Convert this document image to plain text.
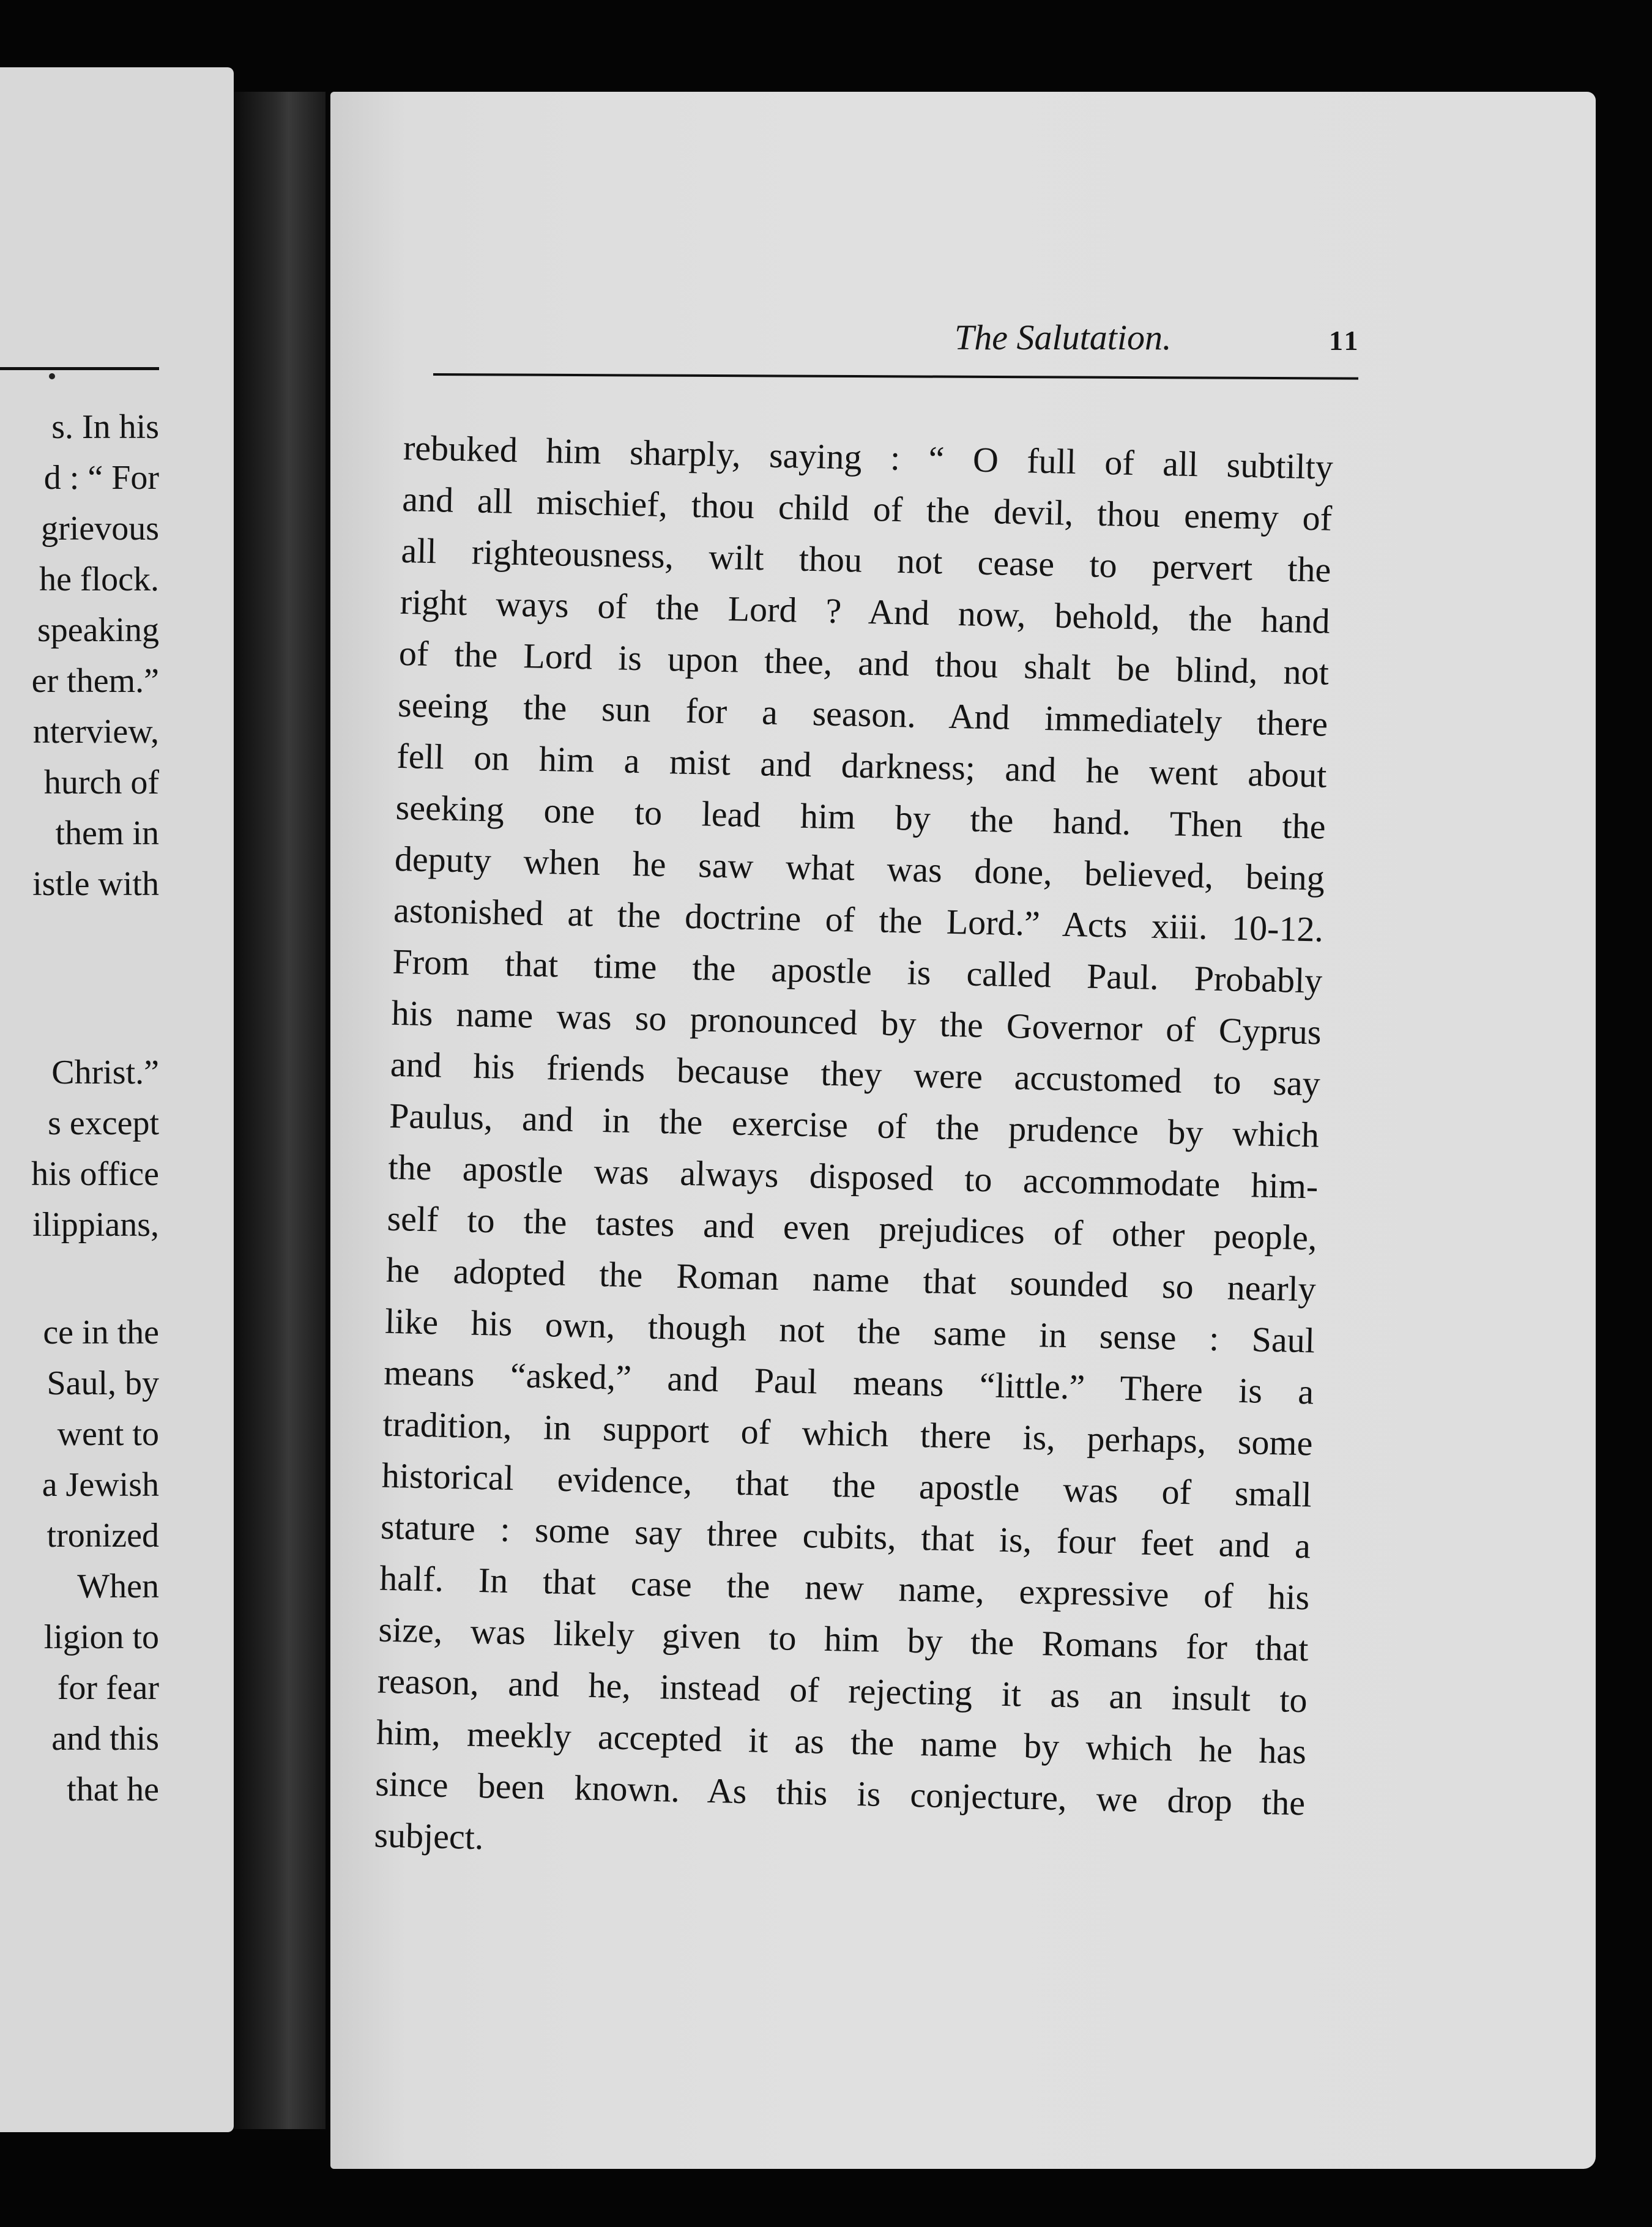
s. In his
d : “ For
grievous
he flock.
speaking
er them.”
nterview,
hurch of
them in
istle with
Christ.”
s except
his office
ilippians,
ce in the
Saul, by
went to
a Jewish
tronized
When
ligion to
for fear
and this
that he
The Salutation.	11
rebuked him sharply, saying : “ O full of all subtilty
and all mischief, thou child of the devil, thou enemy of
all righteousness, wilt thou not cease to pervert the
right ways of the Lord ? And now, behold, the hand
of the Lord is upon thee, and thou shalt be blind, not
seeing the sun for a season. And immediately there
fell on him a mist and darkness; and he went about
seeking one to lead him by the hand. Then the
deputy when he saw what was done, believed, being
astonished at the doctrine of the Lord.” Acts xiii. 10-12.
From that time the apostle is called Paul. Probably
his name was so pronounced by the Governor of Cyprus
and his friends because they were accustomed to say
Paulus, and in the exercise of the prudence by which
the apostle was always disposed to accommodate him-
self to the tastes and even prejudices of other people,
he adopted the Roman name that sounded so nearly
like his own, though not the same in sense : Saul
means “asked,” and Paul means “little.” There is a
tradition, in support of which there is, perhaps, some
historical evidence, that the apostle was of small
stature : some say three cubits, that is, four feet and a
half. In that case the new name, expressive of his
size, was likely given to him by the Romans for that
reason, and he, instead of rejecting it as an insult to
him, meekly accepted it as the name by which he has
since been known. As this is conjecture, we drop the
subject.
